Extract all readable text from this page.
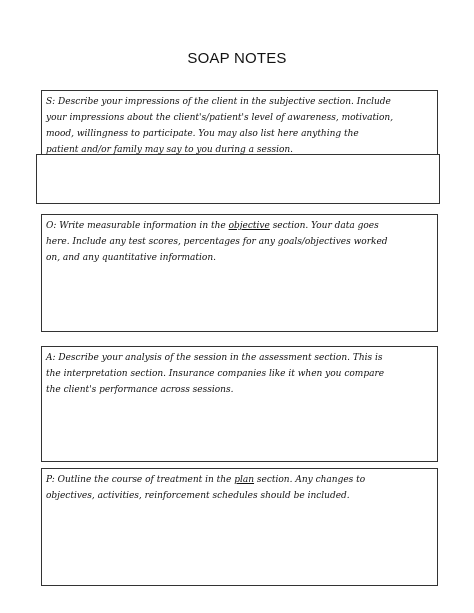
SOAP NOTES
S: Describe your impressions of the client in the subjective section. Include
your impressions about the client's/patient's level of awareness, motivation,
mood, willingness to participate. You may also list here anything the
patient and/or family may say to you during a session.
O: Write measurable information in the objective section. Your data goes
here. Include any test scores, percentages for any goals/objectives worked
on, and any quantitative information.
A: Describe your analysis of the session in the assessment section. This is
the interpretation section. Insurance companies like it when you compare
the client's performance across sessions.
P: Outline the course of treatment in the plan section. Any changes to
objectives, activities, reinforcement schedules should be included.
